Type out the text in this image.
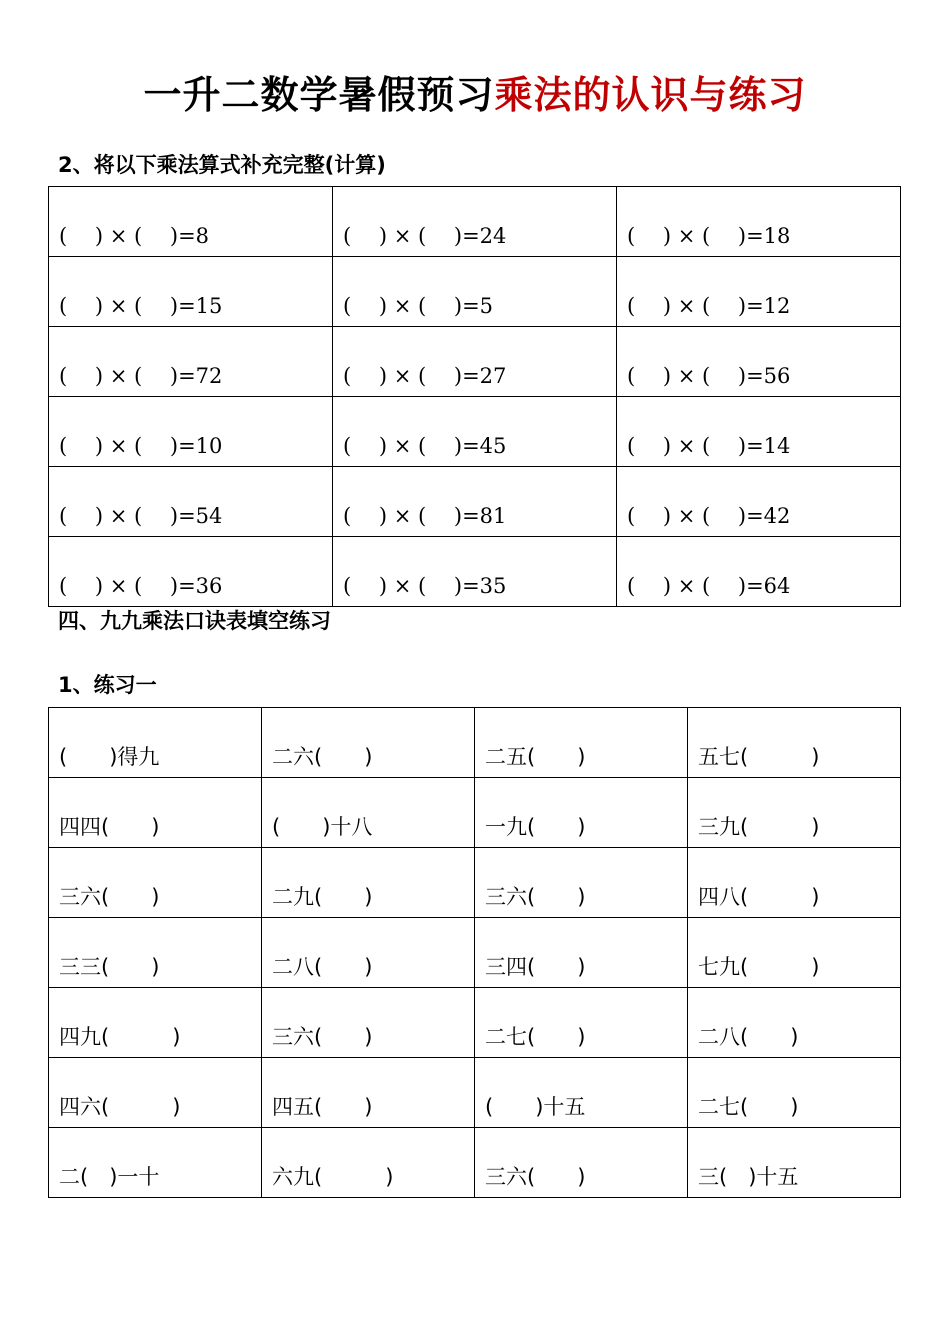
一升二数学暑假预习乘法的认识与练习
2、将以下乘法算式补充完整(计算)
(　 ) × (　 )=8	(　 ) × (　 )=24	(　 ) × (　 )=18
(　 ) × (　 )=15	(　 ) × (　 )=5	(　 ) × (　 )=12
(　 ) × (　 )=72	(　 ) × (　 )=27	(　 ) × (　 )=56
(　 ) × (　 )=10	(　 ) × (　 )=45	(　 ) × (　 )=14
(　 ) × (　 )=54	(　 ) × (　 )=81	(　 ) × (　 )=42
(　 ) × (　 )=36	(　 ) × (　 )=35	(　 ) × (　 )=64
四、九九乘法口诀表填空练习
1、练习一
(　　)得九	二六(　　)	二五(　　)	五七(　　　)
四四(　　)	(　　)十八	一九(　　)	三九(　　　)
三六(　　)	二九(　　)	三六(　　)	四八(　　　)
三三(　　)	二八(　　)	三四(　　)	七九(　　　)
四九(　　　)	三六(　　)	二七(　　)	二八(　　)
四六(　　　)	四五(　　)	(　　)十五	二七(　　)
二(　)一十	六九(　　　)	三六(　　)	三(　)十五
